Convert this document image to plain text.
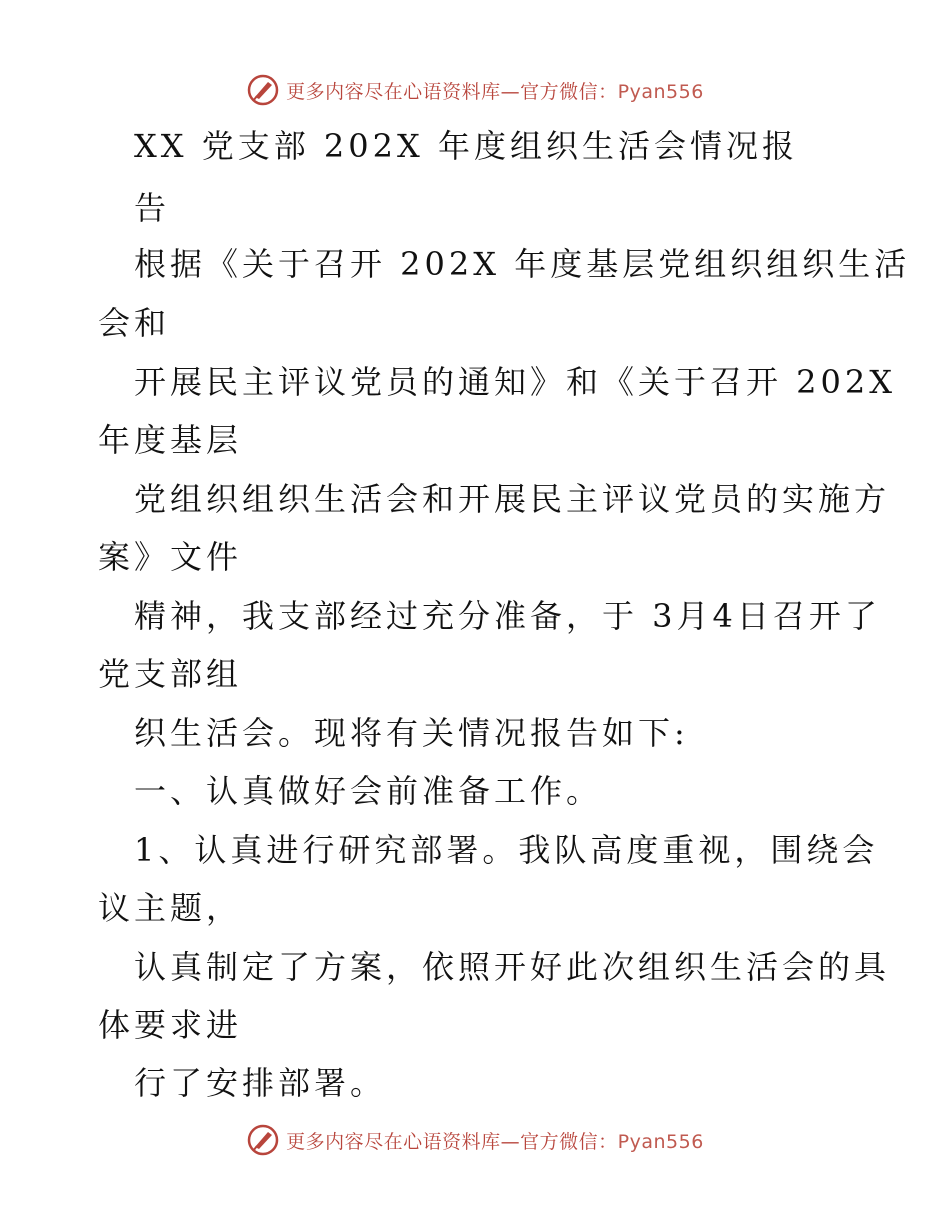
更多内容尽在心语资料库—官方微信：Pyan556
XX 党支部 202X 年度组织生活会情况报
告
根据《关于召开 202X 年度基层党组织组织生活
会和
开展民主评议党员的通知》和《关于召开 202X
年度基层
党组织组织生活会和开展民主评议党员的实施方
案》文件
精神，我支部经过充分准备，于 3月4日召开了
党支部组
织生活会。现将有关情况报告如下:
一、认真做好会前准备工作。
1、认真进行研究部署。我队高度重视，围绕会
议主题，
认真制定了方案，依照开好此次组织生活会的具
体要求进
行了安排部署。
更多内容尽在心语资料库—官方微信：Pyan556
